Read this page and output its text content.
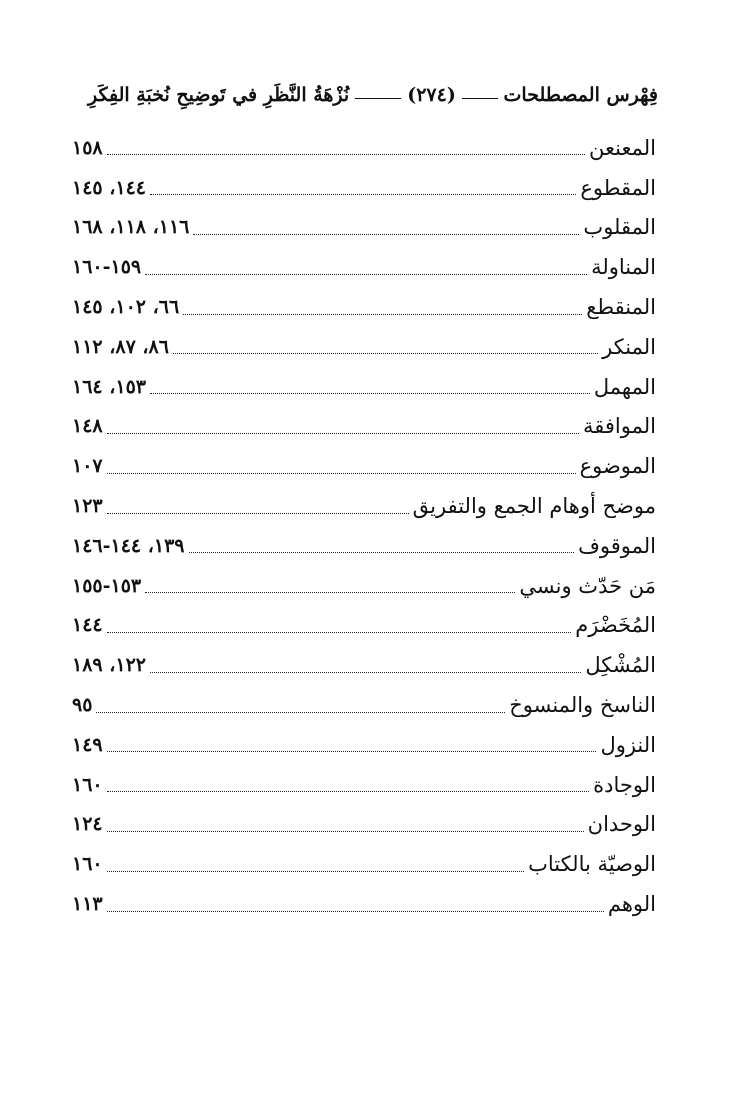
فِهْرس المصطلحات
(٢٧٤)
نُزْهَةُ النَّظَرِ في تَوضِيحِ نُخبَةِ الفِكَرِ
المعنعن
١٥٨
المقطوع
١٤٤، ١٤٥
المقلوب
١١٦، ١١٨، ١٦٨
المناولة
١٥٩-١٦٠
المنقطع
٦٦، ١٠٢، ١٤٥
المنكر
٨٦، ٨٧، ١١٢
المهمل
١٥٣، ١٦٤
الموافقة
١٤٨
الموضوع
١٠٧
موضح أوهام الجمع والتفريق
١٢٣
الموقوف
١٣٩، ١٤٤-١٤٦
مَن حَدّث ونسي
١٥٣-١٥٥
المُخَضْرَم
١٤٤
المُشْكِل
١٢٢، ١٨٩
الناسخ والمنسوخ
٩٥
النزول
١٤٩
الوجادة
١٦٠
الوحدان
١٢٤
الوصيّة بالكتاب
١٦٠
الوهم
١١٣
